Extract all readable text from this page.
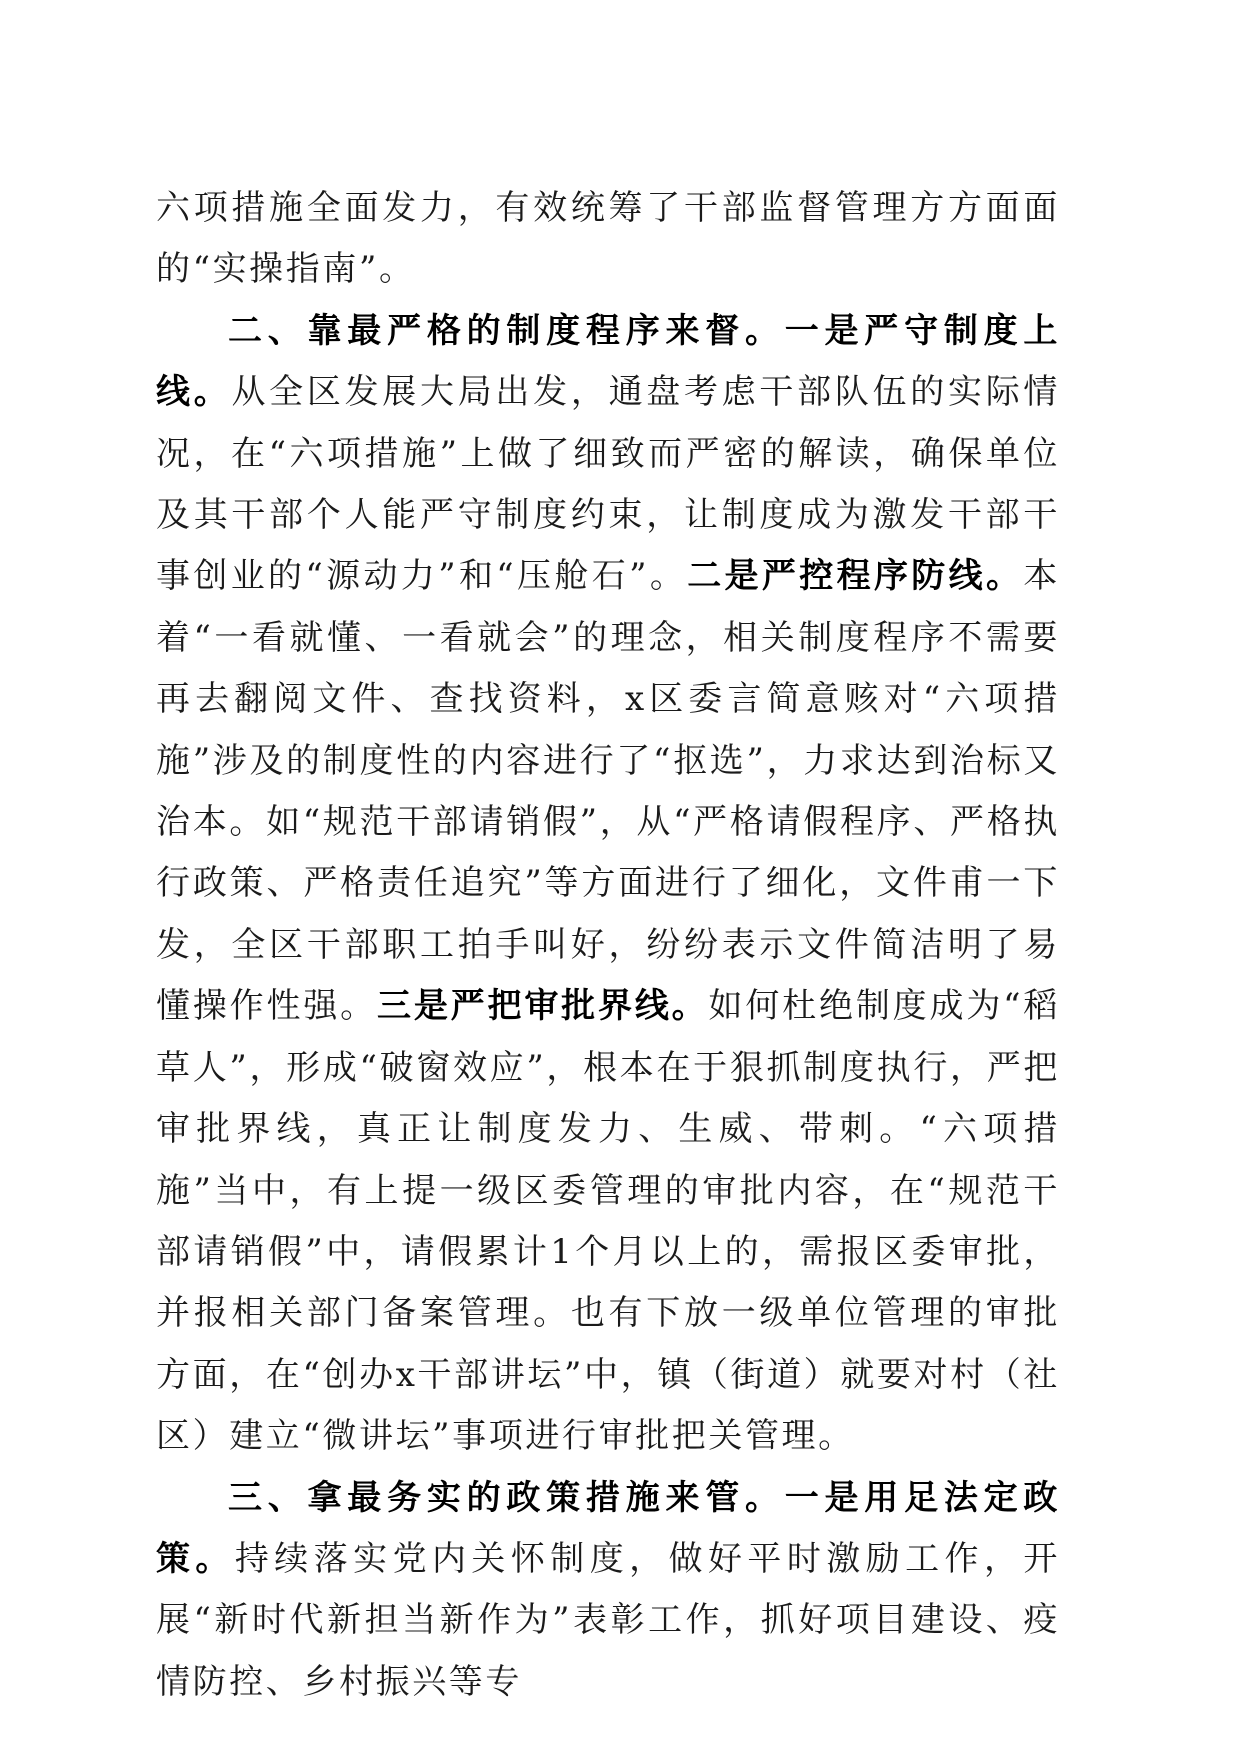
六项措施全面发力，有效统筹了干部监督管理方方面面的“实操指南”。

二、靠最严格的制度程序来督。一是严守制度上线。从全区发展大局出发，通盘考虑干部队伍的实际情况，在“六项措施”上做了细致而严密的解读，确保单位及其干部个人能严守制度约束，让制度成为激发干部干事创业的“源动力”和“压舱石”。二是严控程序防线。本着“一看就懂、一看就会”的理念，相关制度程序不需要再去翻阅文件、查找资料，x区委言简意赅对“六项措施”涉及的制度性的内容进行了“抠选”，力求达到治标又治本。如“规范干部请销假”，从“严格请假程序、严格执行政策、严格责任追究”等方面进行了细化，文件甫一下发，全区干部职工拍手叫好，纷纷表示文件简洁明了易懂操作性强。三是严把审批界线。如何杜绝制度成为“稻草人”，形成“破窗效应”，根本在于狠抓制度执行，严把审批界线，真正让制度发力、生威、带刺。“六项措施”当中，有上提一级区委管理的审批内容，在“规范干部请销假”中，请假累计1个月以上的，需报区委审批，并报相关部门备案管理。也有下放一级单位管理的审批方面，在“创办x干部讲坛”中，镇（街道）就要对村（社区）建立“微讲坛”事项进行审批把关管理。

三、拿最务实的政策措施来管。一是用足法定政策。持续落实党内关怀制度，做好平时激励工作，开展“新时代新担当新作为”表彰工作，抓好项目建设、疫情防控、乡村振兴等专
